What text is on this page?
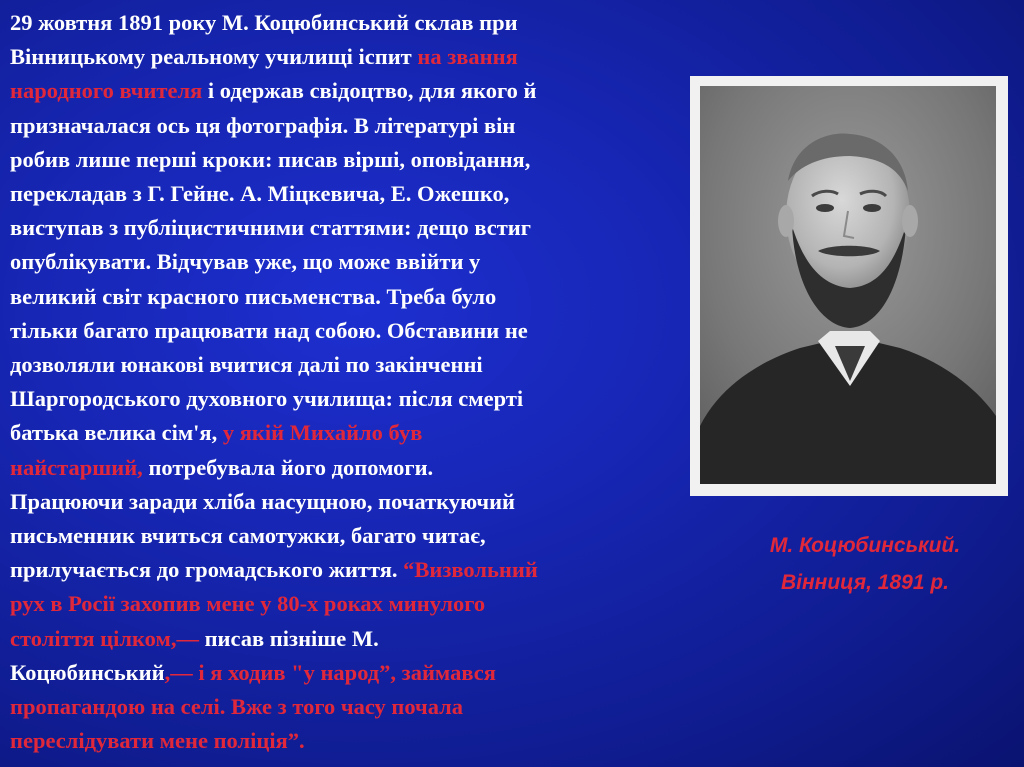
29 жовтня 1891 року М. Коцюбинський склав при
Вінницькому реальному училищі іспит на звання
народного вчителя і одержав свідоцтво, для якого й
призначалася ось ця фотографія. В літературі він
робив лише перші кроки: писав вірші, оповідання,
перекладав з Г. Гейне. А. Міцкевича, Е. Ожешко,
виступав з публіцистичними статтями: дещо встиг
опублікувати. Відчував уже, що може ввійти у
великий світ красного письменства. Треба було
тільки багато працювати над собою. Обставини не
дозволяли юнакові вчитися далі по закінченні
Шаргородського духовного училища: після смерті
батька велика сім'я, у якій Михайло був
найстарший, потребувала його допомоги.
Працюючи заради хліба насущною, початкуючий
письменник вчиться самотужки, багато читає,
прилучається до громадського життя. “Визвольний
рух в Росії захопив мене у 80-х роках минулого
століття цілком,— писав пізніше М.
Коцюбинський,— і я ходив "у народ”, займався
пропагандою на селі. Вже з того часу почала
переслідувати мене поліція”.
М. Коцюбинський.
Вінниця, 1891 р.
